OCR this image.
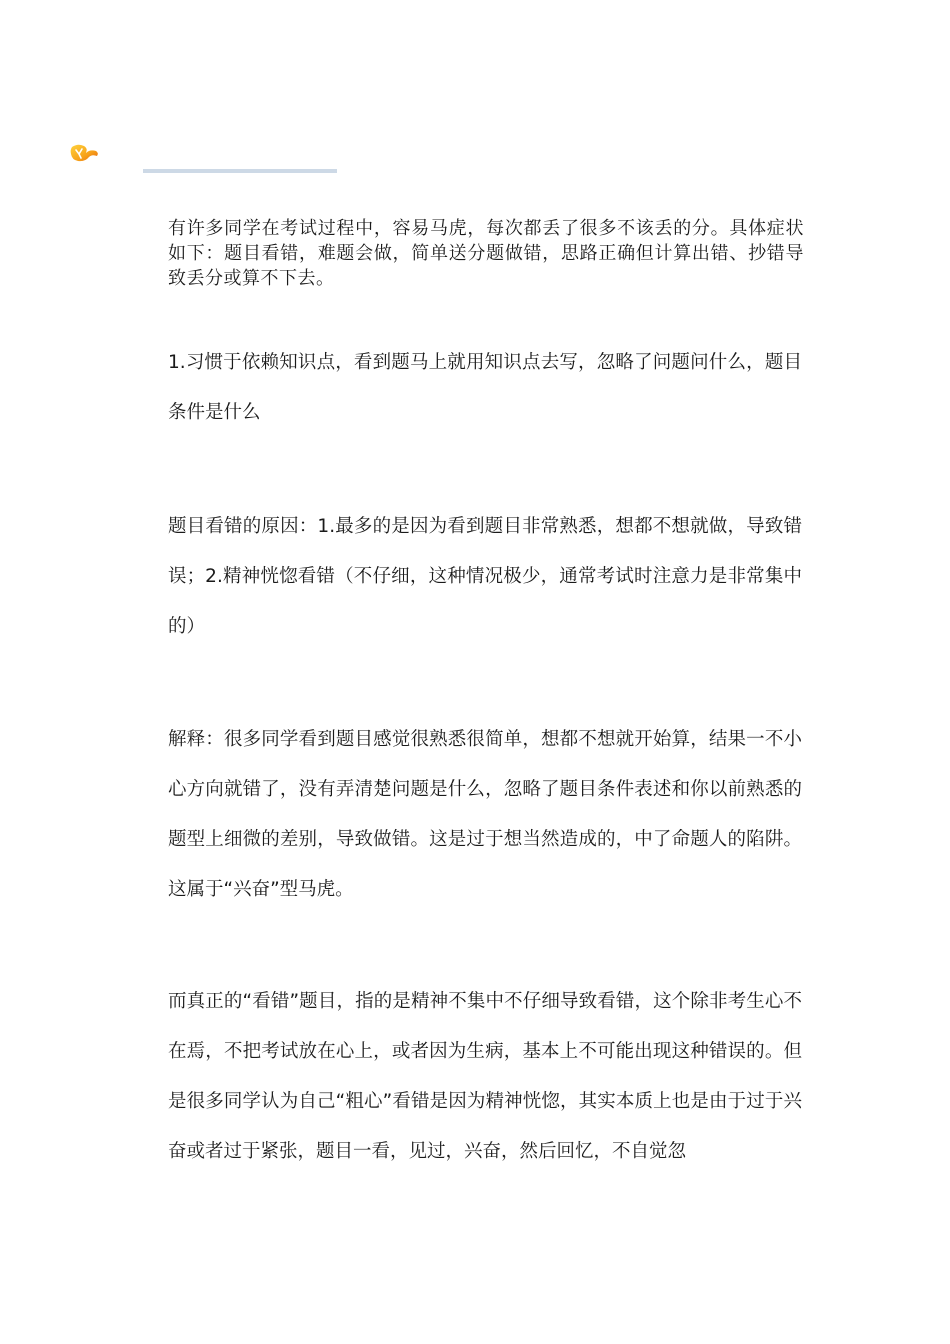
有许多同学在考试过程中，容易马虎，每次都丢了很多不该丢的分。具体症状如下：题目看错，难题会做，简单送分题做错，思路正确但计算出错、抄错导致丢分或算不下去。

1.习惯于依赖知识点，看到题马上就用知识点去写，忽略了问题问什么，题目条件是什么

题目看错的原因：1.最多的是因为看到题目非常熟悉，想都不想就做，导致错误；2.精神恍惚看错（不仔细，这种情况极少，通常考试时注意力是非常集中的）

解释：很多同学看到题目感觉很熟悉很简单，想都不想就开始算，结果一不小心方向就错了，没有弄清楚问题是什么，忽略了题目条件表述和你以前熟悉的题型上细微的差别，导致做错。这是过于想当然造成的，中了命题人的陷阱。这属于“兴奋”型马虎。

而真正的“看错”题目，指的是精神不集中不仔细导致看错，这个除非考生心不在焉，不把考试放在心上，或者因为生病，基本上不可能出现这种错误的。但是很多同学认为自己“粗心”看错是因为精神恍惚，其实本质上也是由于过于兴奋或者过于紧张，题目一看，见过，兴奋，然后回忆，不自觉忽
